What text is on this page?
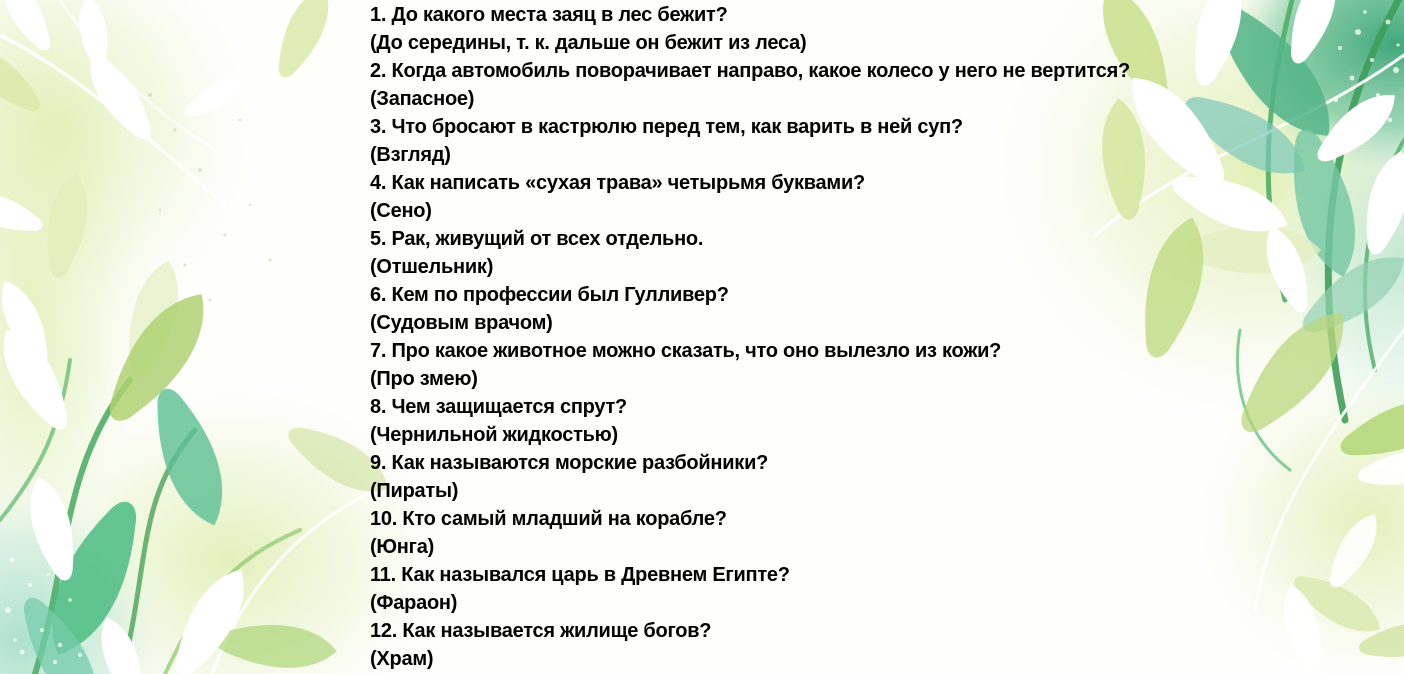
1. До какого места заяц в лес бежит?
(До середины, т. к. дальше он бежит из леса)
2. Когда автомобиль поворачивает направо, какое колесо у него не вертится?
(Запасное)
3. Что бросают в кастрюлю перед тем, как варить в ней суп?
(Взгляд)
4. Как написать «сухая трава» четырьмя буквами?
(Сено)
5. Рак, живущий от всех отдельно.
(Отшельник)
6. Кем по профессии был Гулливер?
(Судовым врачом)
7. Про какое животное можно сказать, что оно вылезло из кожи?
(Про змею)
8. Чем защищается спрут?
(Чернильной жидкостью)
9. Как называются морские разбойники?
(Пираты)
10. Кто самый младший на корабле?
(Юнга)
11. Как назывался царь в Древнем Египте?
(Фараон)
12. Как называется жилище богов?
(Храм)
